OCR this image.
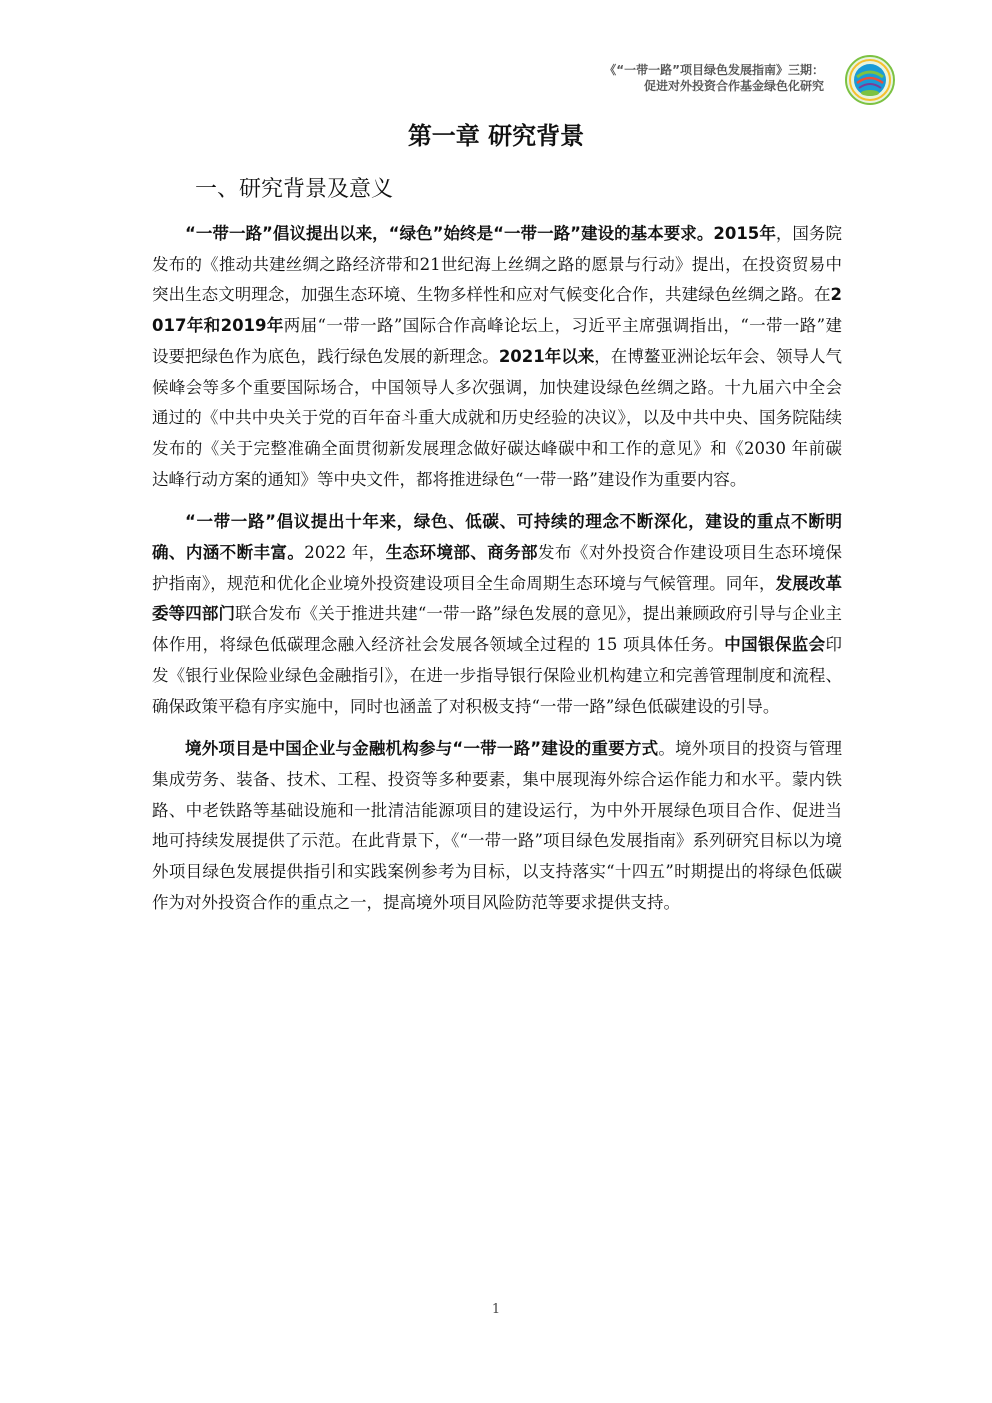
《“一带一路”项目绿色发展指南》三期：
促进对外投资合作基金绿色化研究
第一章 研究背景
一、研究背景及意义

“一带一路”倡议提出以来，“绿色”始终是“一带一路”建设的基本要求。2015年，国务院发布的《推动共建丝绸之路经济带和21世纪海上丝绸之路的愿景与行动》提出，在投资贸易中突出生态文明理念，加强生态环境、生物多样性和应对气候变化合作，共建绿色丝绸之路。在2017年和2019年两届“一带一路”国际合作高峰论坛上，习近平主席强调指出，“一带一路”建设要把绿色作为底色，践行绿色发展的新理念。2021年以来，在博鳌亚洲论坛年会、领导人气候峰会等多个重要国际场合，中国领导人多次强调，加快建设绿色丝绸之路。十九届六中全会通过的《中共中央关于党的百年奋斗重大成就和历史经验的决议》，以及中共中央、国务院陆续发布的《关于完整准确全面贯彻新发展理念做好碳达峰碳中和工作的意见》和《2030 年前碳达峰行动方案的通知》等中央文件，都将推进绿色“一带一路”建设作为重要内容。

“一带一路”倡议提出十年来，绿色、低碳、可持续的理念不断深化，建设的重点不断明确、内涵不断丰富。2022 年，生态环境部、商务部发布《对外投资合作建设项目生态环境保护指南》，规范和优化企业境外投资建设项目全生命周期生态环境与气候管理。同年，发展改革委等四部门联合发布《关于推进共建“一带一路”绿色发展的意见》，提出兼顾政府引导与企业主体作用，将绿色低碳理念融入经济社会发展各领域全过程的 15 项具体任务。中国银保监会印发《银行业保险业绿色金融指引》，在进一步指导银行保险业机构建立和完善管理制度和流程、确保政策平稳有序实施中，同时也涵盖了对积极支持“一带一路”绿色低碳建设的引导。

境外项目是中国企业与金融机构参与“一带一路”建设的重要方式。境外项目的投资与管理集成劳务、装备、技术、工程、投资等多种要素，集中展现海外综合运作能力和水平。蒙内铁路、中老铁路等基础设施和一批清洁能源项目的建设运行，为中外开展绿色项目合作、促进当地可持续发展提供了示范。在此背景下，《“一带一路”项目绿色发展指南》系列研究目标以为境外项目绿色发展提供指引和实践案例参考为目标，以支持落实“十四五”时期提出的将绿色低碳作为对外投资合作的重点之一，提高境外项目风险防范等要求提供支持。

1
